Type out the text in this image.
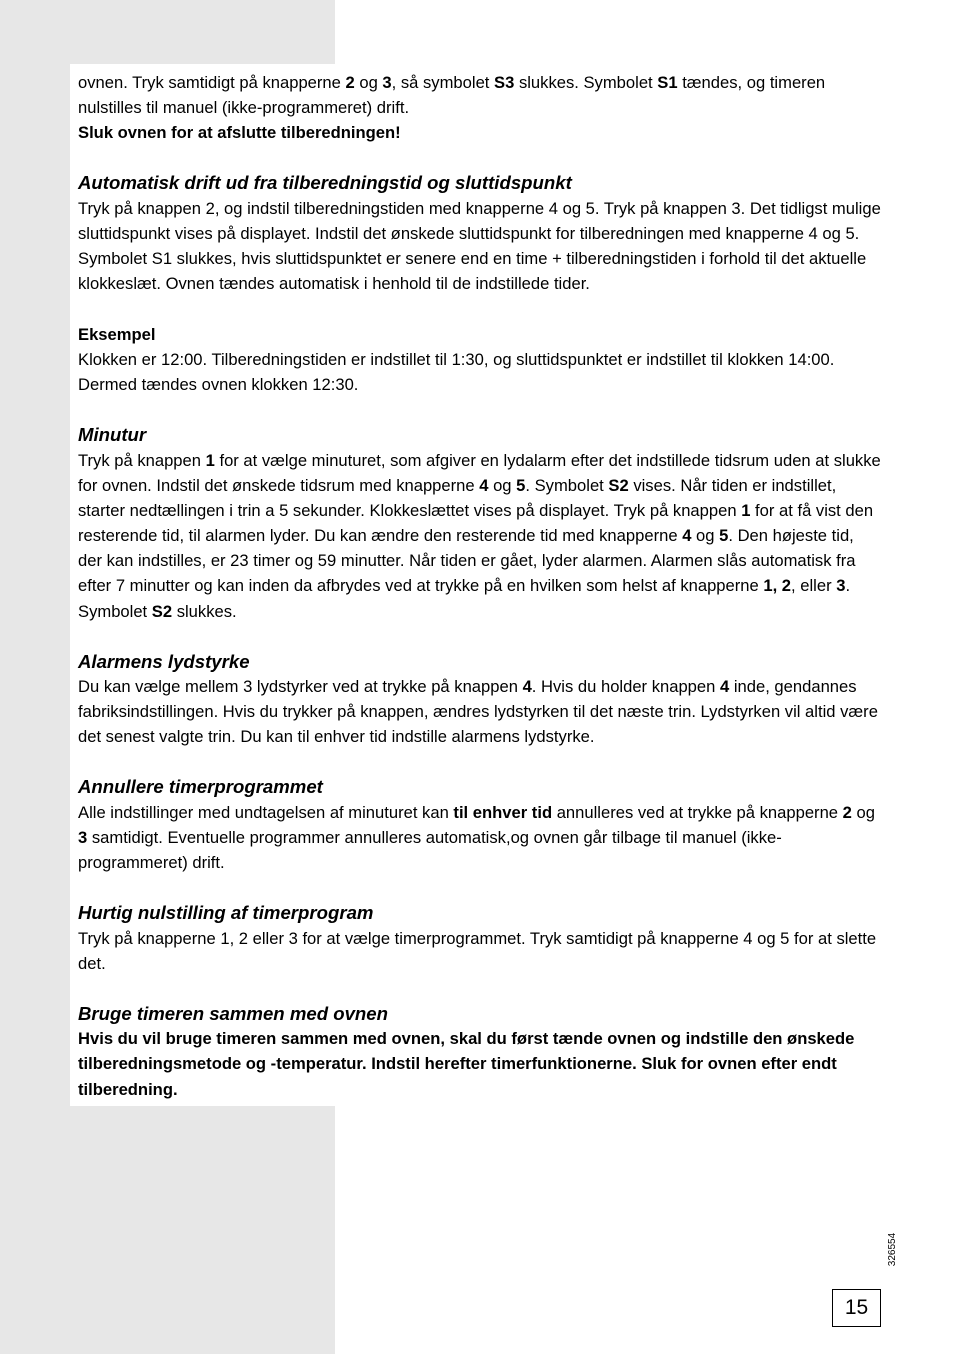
ovnen. Tryk samtidigt på knapperne 2 og 3, så symbolet S3 slukkes. Symbolet S1 tændes, og timeren nulstilles til manuel (ikke-programmeret) drift.

Sluk ovnen for at afslutte tilberedningen!

Automatisk drift ud fra tilberedningstid og sluttidspunkt

Tryk på knappen 2, og indstil tilberedningstiden med knapperne 4 og 5. Tryk på knappen 3. Det tidligst mulige sluttidspunkt vises på displayet. Indstil det ønskede sluttidspunkt for tilberedningen med knapperne 4 og 5. Symbolet S1 slukkes, hvis sluttidspunktet er senere end en time + tilberedningstiden i forhold til det aktuelle klokkeslæt. Ovnen tændes automatisk i henhold til de indstillede tider.

Eksempel

Klokken er 12:00. Tilberedningstiden er indstillet til 1:30, og sluttidspunktet er indstillet til klokken 14:00. Dermed tændes ovnen klokken 12:30.

Minutur

Tryk på knappen 1 for at vælge minuturet, som afgiver en lydalarm efter det indstillede tidsrum uden at slukke for ovnen. Indstil det ønskede tidsrum med knapperne 4 og 5. Symbolet S2 vises. Når tiden er indstillet, starter nedtællingen i trin a 5 sekunder. Klokkeslættet vises på displayet. Tryk på knappen 1 for at få vist den resterende tid, til alarmen lyder. Du kan ændre den resterende tid med knapperne 4 og 5. Den højeste tid, der kan indstilles, er 23 timer og 59 minutter. Når tiden er gået, lyder alarmen. Alarmen slås automatisk fra efter 7 minutter og kan inden da afbrydes ved at trykke på en hvilken som helst af knapperne 1, 2, eller 3. Symbolet S2 slukkes.

Alarmens lydstyrke

Du kan vælge mellem 3 lydstyrker ved at trykke på knappen 4. Hvis du holder knappen 4 inde, gendannes fabriksindstillingen. Hvis du trykker på knappen, ændres lydstyrken til det næste trin. Lydstyrken vil altid være det senest valgte trin. Du kan til enhver tid indstille alarmens lydstyrke.

Annullere timerprogrammet

Alle indstillinger med undtagelsen af minuturet kan til enhver tid annulleres ved at trykke på knapperne 2 og 3 samtidigt. Eventuelle programmer annulleres automatisk,og ovnen går tilbage til manuel (ikke-programmeret) drift.

Hurtig nulstilling af timerprogram

Tryk på knapperne 1, 2 eller 3 for at vælge timerprogrammet. Tryk samtidigt på knapperne 4 og 5 for at slette det.

Bruge timeren sammen med ovnen

Hvis du vil bruge timeren sammen med ovnen, skal du først tænde ovnen og indstille den ønskede tilberedningsmetode og -temperatur. Indstil herefter timerfunktionerne. Sluk for ovnen efter endt tilberedning.

326554
15
